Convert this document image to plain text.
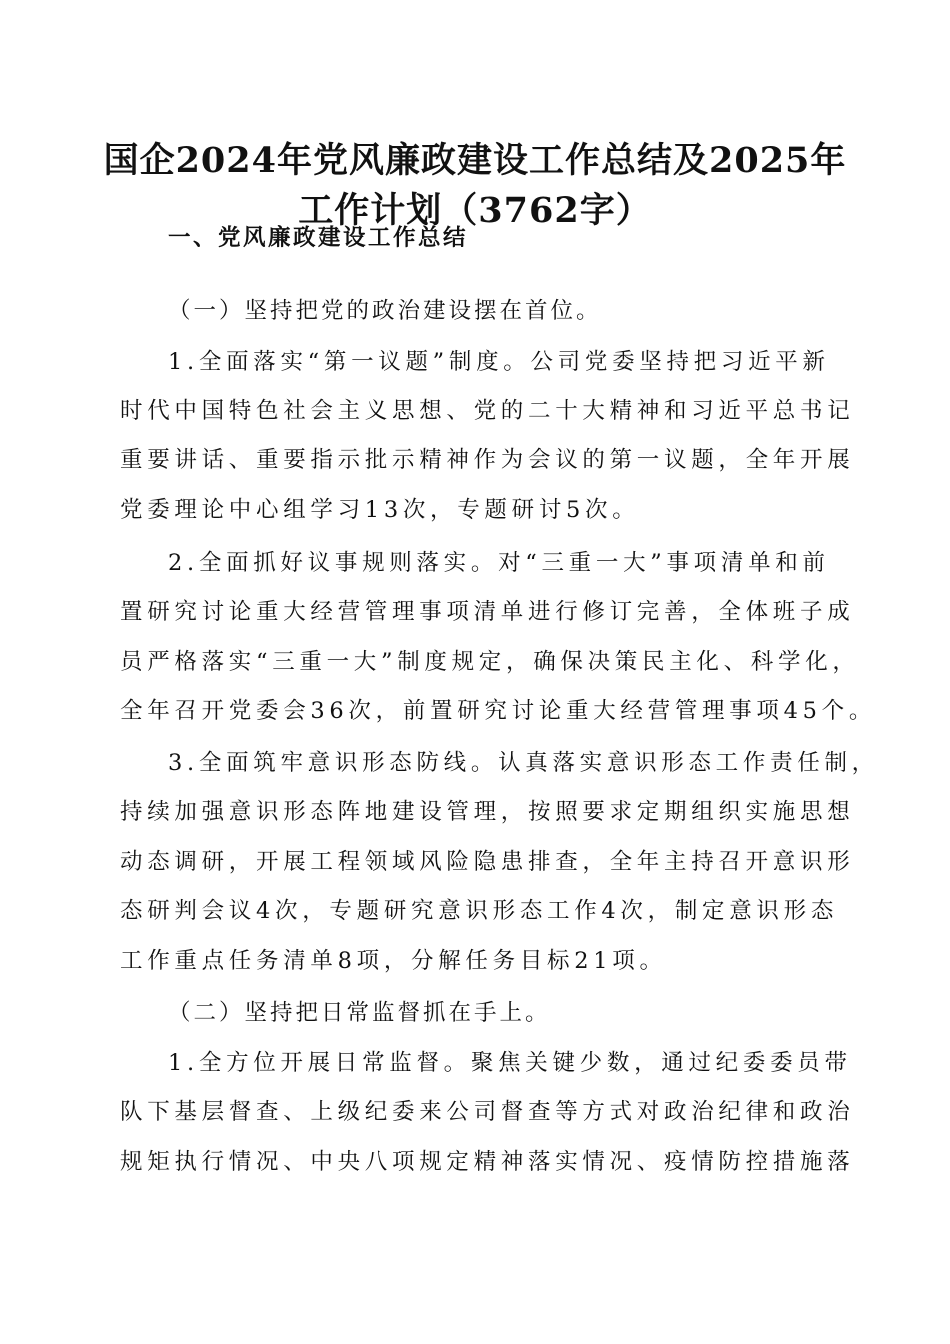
国企2024年党风廉政建设工作总结及2025年
工作计划（3762字）
一、党风廉政建设工作总结
（一）坚持把党的政治建设摆在首位。
1.全面落实“第一议题”制度。公司党委坚持把习近平新
时代中国特色社会主义思想、党的二十大精神和习近平总书记
重要讲话、重要指示批示精神作为会议的第一议题，全年开展
党委理论中心组学习13次，专题研讨5次。
2.全面抓好议事规则落实。对“三重一大”事项清单和前
置研究讨论重大经营管理事项清单进行修订完善，全体班子成
员严格落实“三重一大”制度规定，确保决策民主化、科学化，
全年召开党委会36次，前置研究讨论重大经营管理事项45个。
3.全面筑牢意识形态防线。认真落实意识形态工作责任制，
持续加强意识形态阵地建设管理，按照要求定期组织实施思想
动态调研，开展工程领域风险隐患排查，全年主持召开意识形
态研判会议4次，专题研究意识形态工作4次，制定意识形态
工作重点任务清单8项，分解任务目标21项。
（二）坚持把日常监督抓在手上。
1.全方位开展日常监督。聚焦关键少数，通过纪委委员带
队下基层督查、上级纪委来公司督查等方式对政治纪律和政治
规矩执行情况、中央八项规定精神落实情况、疫情防控措施落
